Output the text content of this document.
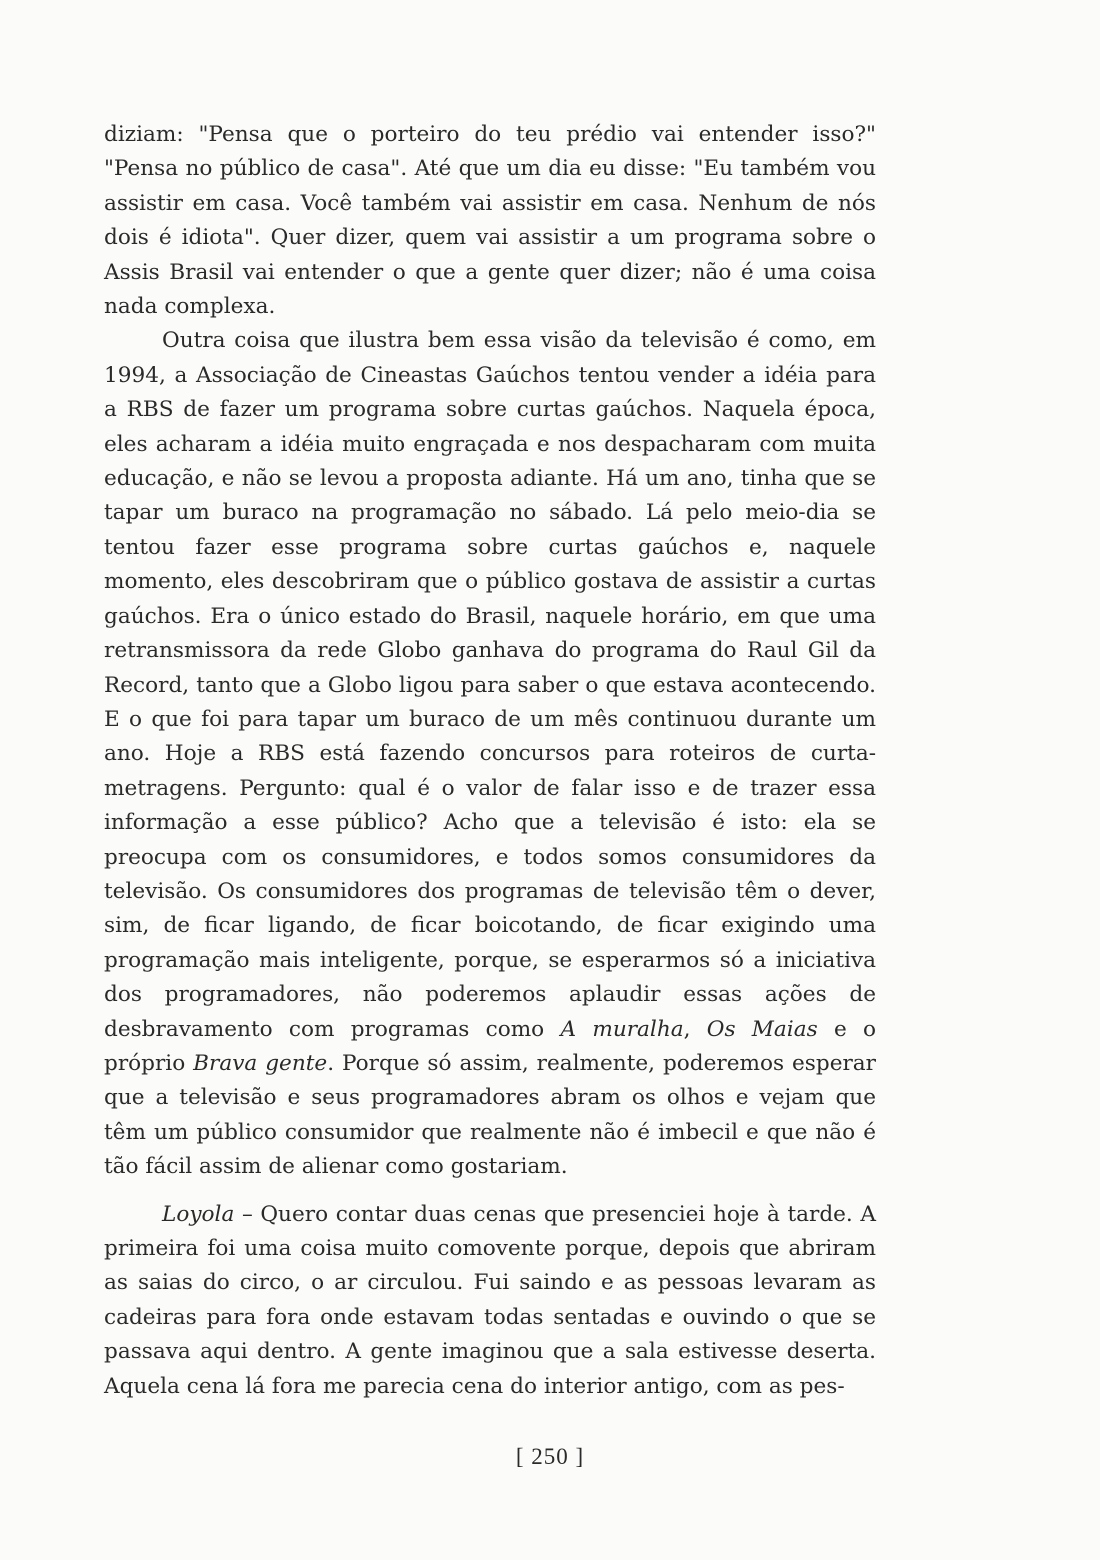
diziam: "Pensa que o porteiro do teu prédio vai entender isso?" "Pensa no público de casa". Até que um dia eu disse: "Eu também vou assistir em casa. Você também vai assistir em casa. Nenhum de nós dois é idiota". Quer dizer, quem vai assistir a um programa sobre o Assis Brasil vai entender o que a gente quer dizer; não é uma coisa nada complexa.

Outra coisa que ilustra bem essa visão da televisão é como, em 1994, a Associação de Cineastas Gaúchos tentou vender a idéia para a RBS de fazer um programa sobre curtas gaúchos. Naquela época, eles acharam a idéia muito engraçada e nos despacharam com muita educação, e não se levou a proposta adiante. Há um ano, tinha que se tapar um buraco na programação no sábado. Lá pelo meio-dia se tentou fazer esse programa sobre curtas gaúchos e, naquele momento, eles descobriram que o público gostava de assistir a curtas gaúchos. Era o único estado do Brasil, naquele horário, em que uma retransmissora da rede Globo ganhava do programa do Raul Gil da Record, tanto que a Globo ligou para saber o que estava acontecendo. E o que foi para tapar um buraco de um mês continuou durante um ano. Hoje a RBS está fazendo concursos para roteiros de curta-metragens. Pergunto: qual é o valor de falar isso e de trazer essa informação a esse público? Acho que a televisão é isto: ela se preocupa com os consumidores, e todos somos consumidores da televisão. Os consumidores dos programas de televisão têm o dever, sim, de ficar ligando, de ficar boicotando, de ficar exigindo uma programação mais inteligente, porque, se esperarmos só a iniciativa dos programadores, não poderemos aplaudir essas ações de desbravamento com programas como A muralha, Os Maias e o próprio Brava gente. Porque só assim, realmente, poderemos esperar que a televisão e seus programadores abram os olhos e vejam que têm um público consumidor que realmente não é imbecil e que não é tão fácil assim de alienar como gostariam.

Loyola – Quero contar duas cenas que presenciei hoje à tarde. A primeira foi uma coisa muito comovente porque, depois que abriram as saias do circo, o ar circulou. Fui saindo e as pessoas levaram as cadeiras para fora onde estavam todas sentadas e ouvindo o que se passava aqui dentro. A gente imaginou que a sala estivesse deserta. Aquela cena lá fora me parecia cena do interior antigo, com as pes-

[ 250 ]
